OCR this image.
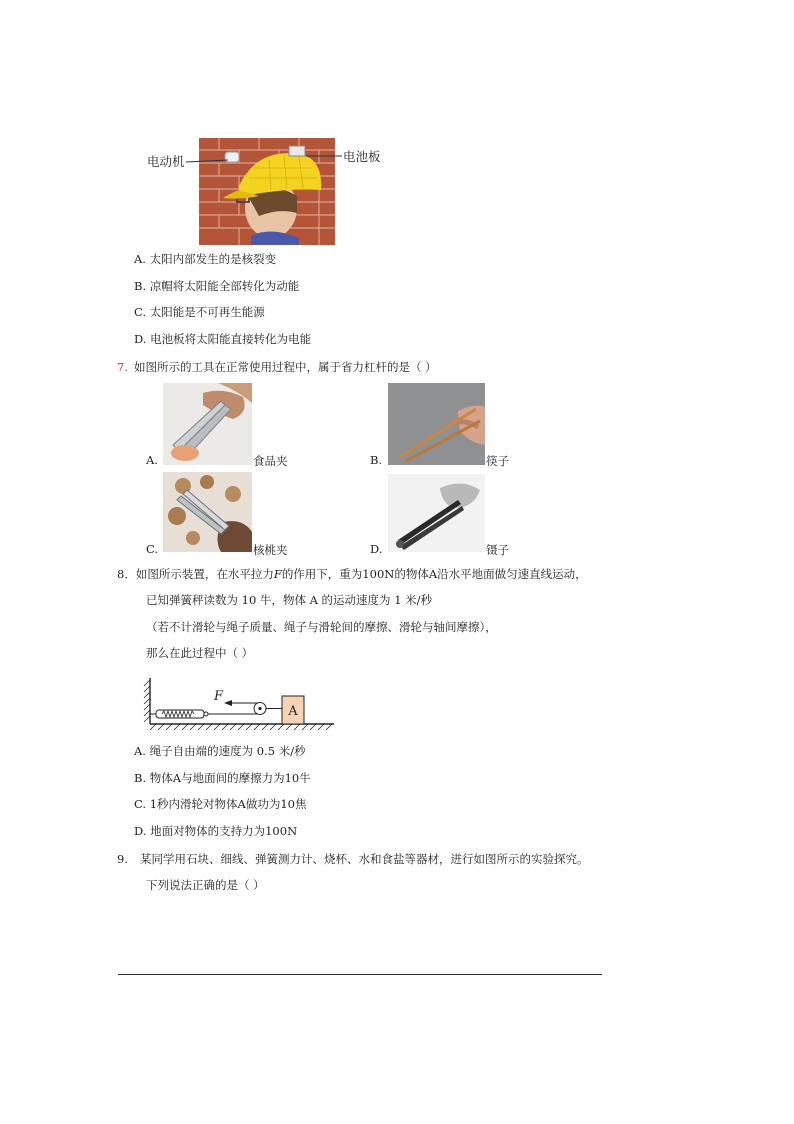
电动机	电池板
A. 太阳内部发生的是核裂变
B. 凉帽将太阳能全部转化为动能
C. 太阳能是不可再生能源
D. 电池板将太阳能直接转化为电能
7. 如图所示的工具在正常使用过程中，属于省力杠杆的是（ ）
A.	食品夹	B.	筷子
C.	核桃夹	D.	镊子
8．如图所示装置，在水平拉力F的作用下，重为100N的物体A沿水平地面做匀速直线运动，
已知弹簧秤读数为 10 牛，物体 A 的运动速度为 1 米/秒
（若不计滑轮与绳子质量、绳子与滑轮间的摩擦、滑轮与轴间摩擦），
那么在此过程中（ ）
F
A
A. 绳子自由端的速度为 0.5 米/秒
B. 物体A与地面间的摩擦力为10牛
C. 1秒内滑轮对物体A做功为10焦
D. 地面对物体的支持力为100N
9. 某同学用石块、细线、弹簧测力计、烧杯、水和食盐等器材，进行如图所示的实验探究。
下列说法正确的是（ ）
